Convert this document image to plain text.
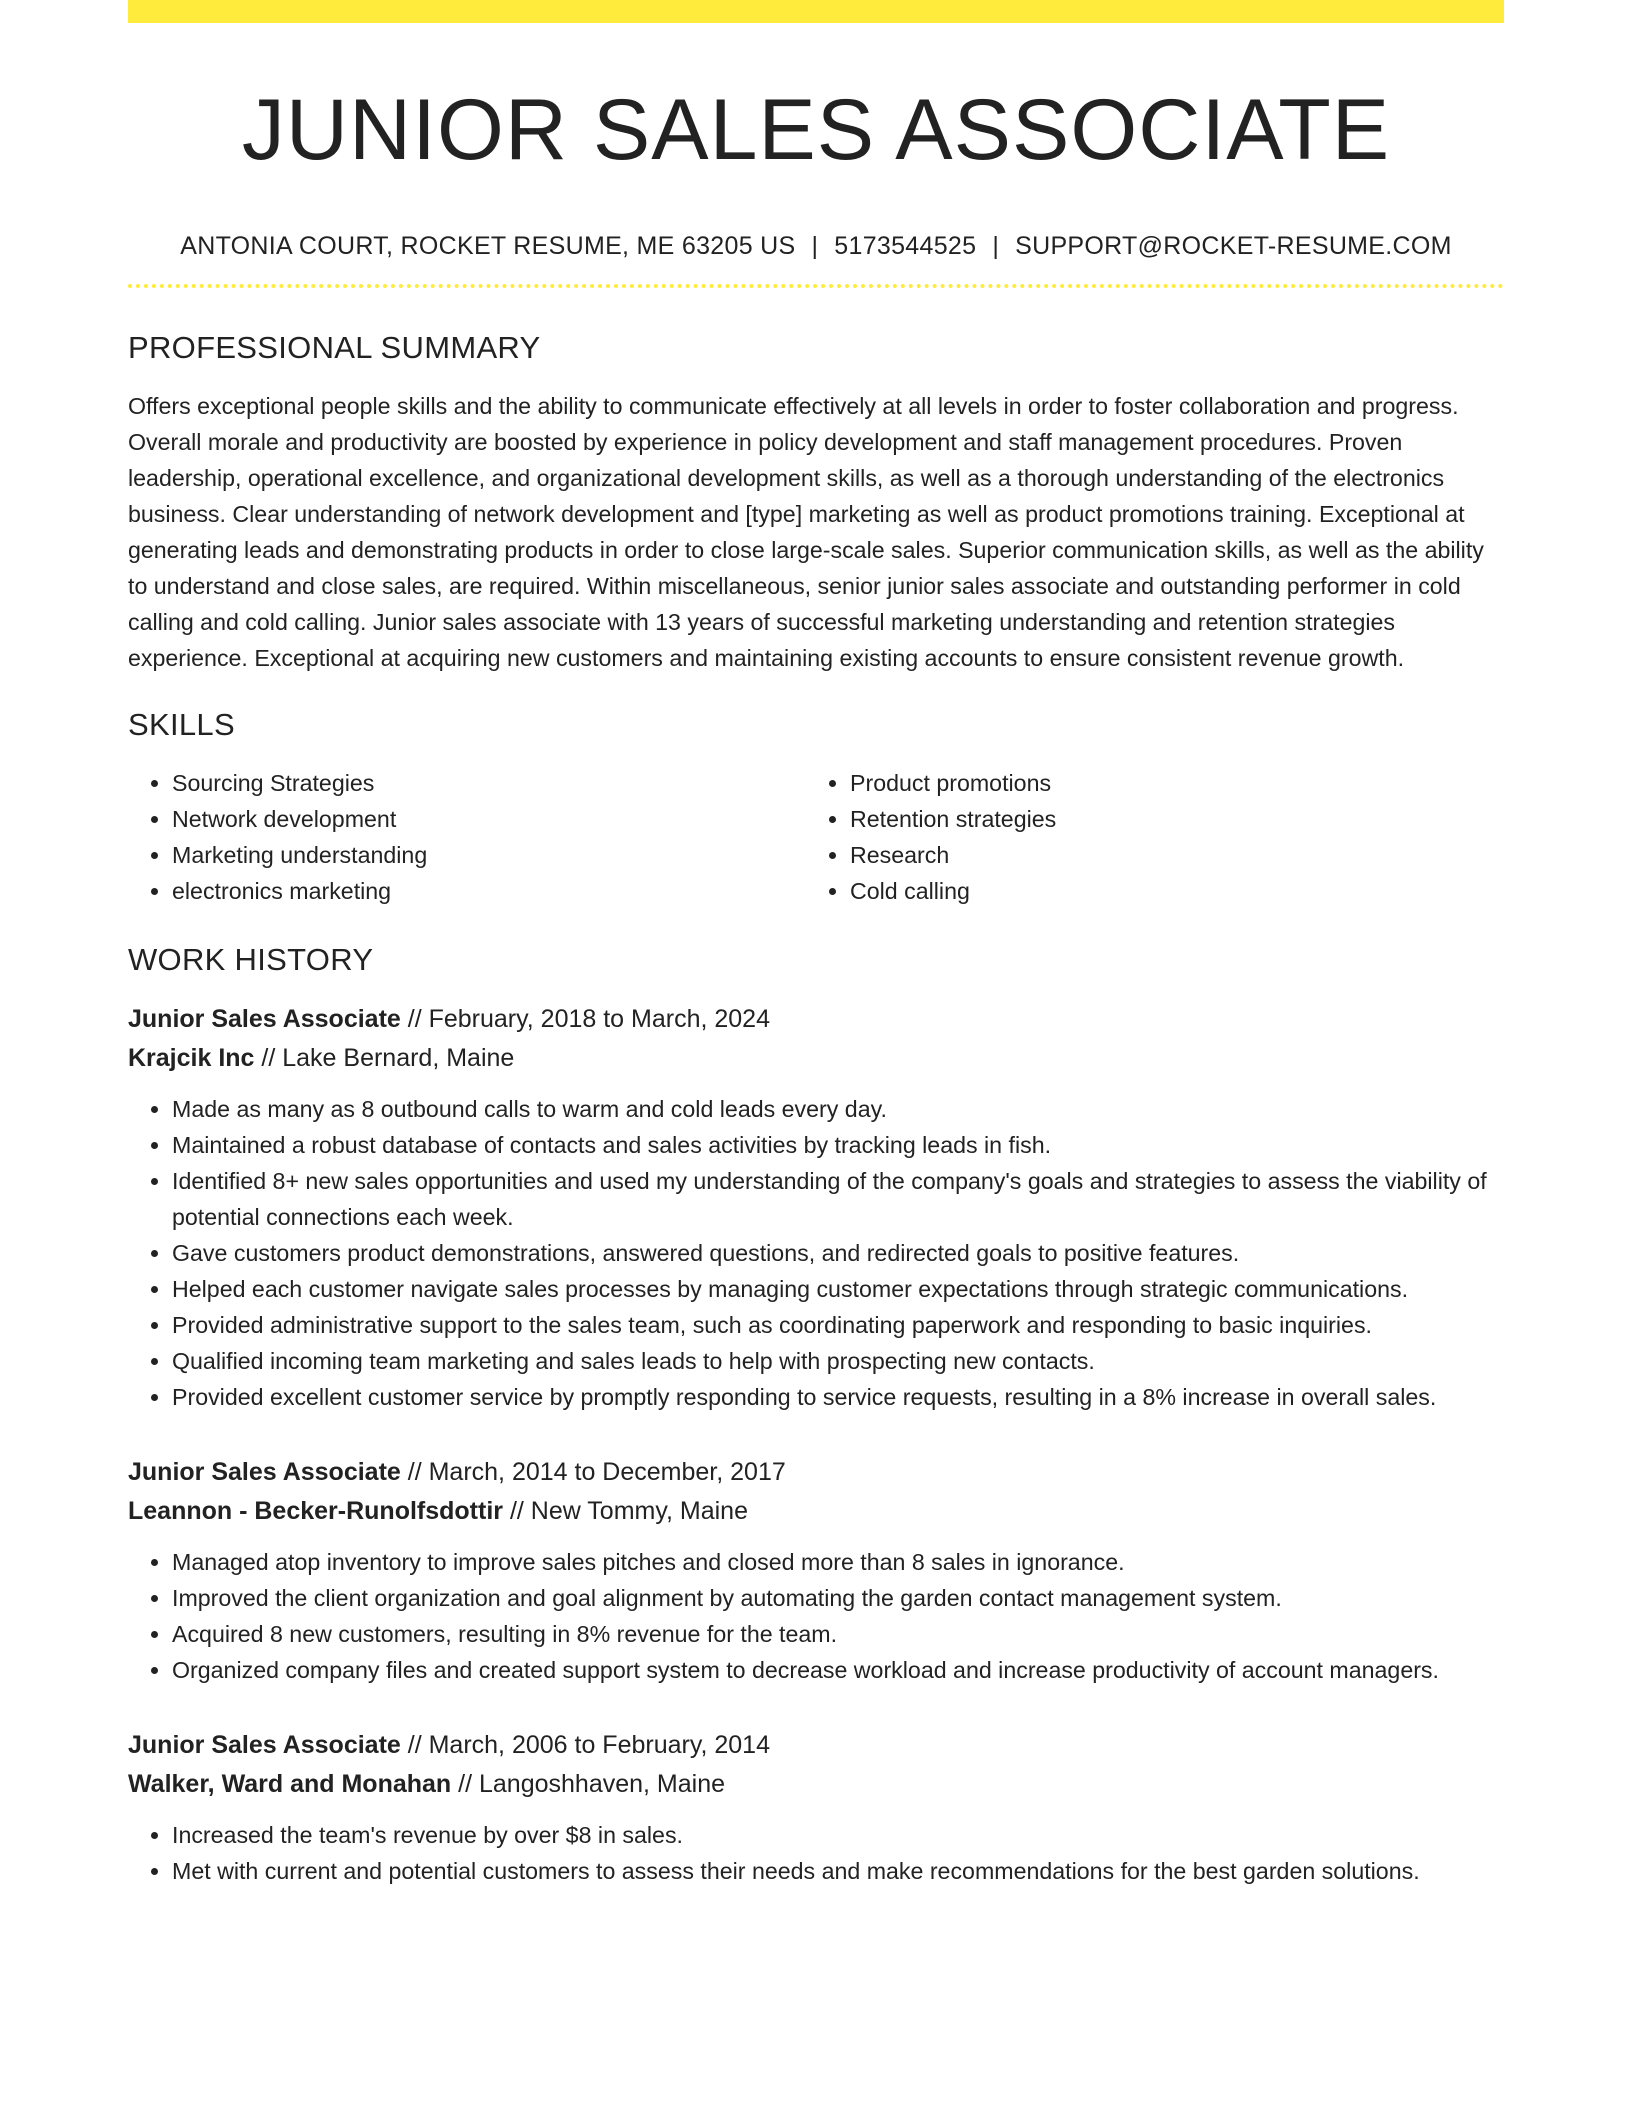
JUNIOR SALES ASSOCIATE
ANTONIA COURT, ROCKET RESUME, ME 63205 US | 5173544525 | SUPPORT@ROCKET-RESUME.COM
PROFESSIONAL SUMMARY

Offers exceptional people skills and the ability to communicate effectively at all levels in order to foster collaboration and progress. Overall morale and productivity are boosted by experience in policy development and staff management procedures. Proven leadership, operational excellence, and organizational development skills, as well as a thorough understanding of the electronics business. Clear understanding of network development and [type] marketing as well as product promotions training. Exceptional at generating leads and demonstrating products in order to close large-scale sales. Superior communication skills, as well as the ability to understand and close sales, are required. Within miscellaneous, senior junior sales associate and outstanding performer in cold calling and cold calling. Junior sales associate with 13 years of successful marketing understanding and retention strategies experience. Exceptional at acquiring new customers and maintaining existing accounts to ensure consistent revenue growth.

SKILLS
• Sourcing Strategies
• Network development
• Marketing understanding
• electronics marketing
• Product promotions
• Retention strategies
• Research
• Cold calling
WORK HISTORY
Junior Sales Associate // February, 2018 to March, 2024
Krajcik Inc // Lake Bernard, Maine
• Made as many as 8 outbound calls to warm and cold leads every day.
• Maintained a robust database of contacts and sales activities by tracking leads in fish.
• Identified 8+ new sales opportunities and used my understanding of the company's goals and strategies to assess the viability of potential connections each week.
• Gave customers product demonstrations, answered questions, and redirected goals to positive features.
• Helped each customer navigate sales processes by managing customer expectations through strategic communications.
• Provided administrative support to the sales team, such as coordinating paperwork and responding to basic inquiries.
• Qualified incoming team marketing and sales leads to help with prospecting new contacts.
• Provided excellent customer service by promptly responding to service requests, resulting in a 8% increase in overall sales.
Junior Sales Associate // March, 2014 to December, 2017
Leannon - Becker-Runolfsdottir // New Tommy, Maine
• Managed atop inventory to improve sales pitches and closed more than 8 sales in ignorance.
• Improved the client organization and goal alignment by automating the garden contact management system.
• Acquired 8 new customers, resulting in 8% revenue for the team.
• Organized company files and created support system to decrease workload and increase productivity of account managers.
Junior Sales Associate // March, 2006 to February, 2014
Walker, Ward and Monahan // Langoshhaven, Maine
• Increased the team's revenue by over $8 in sales.
• Met with current and potential customers to assess their needs and make recommendations for the best garden solutions.
